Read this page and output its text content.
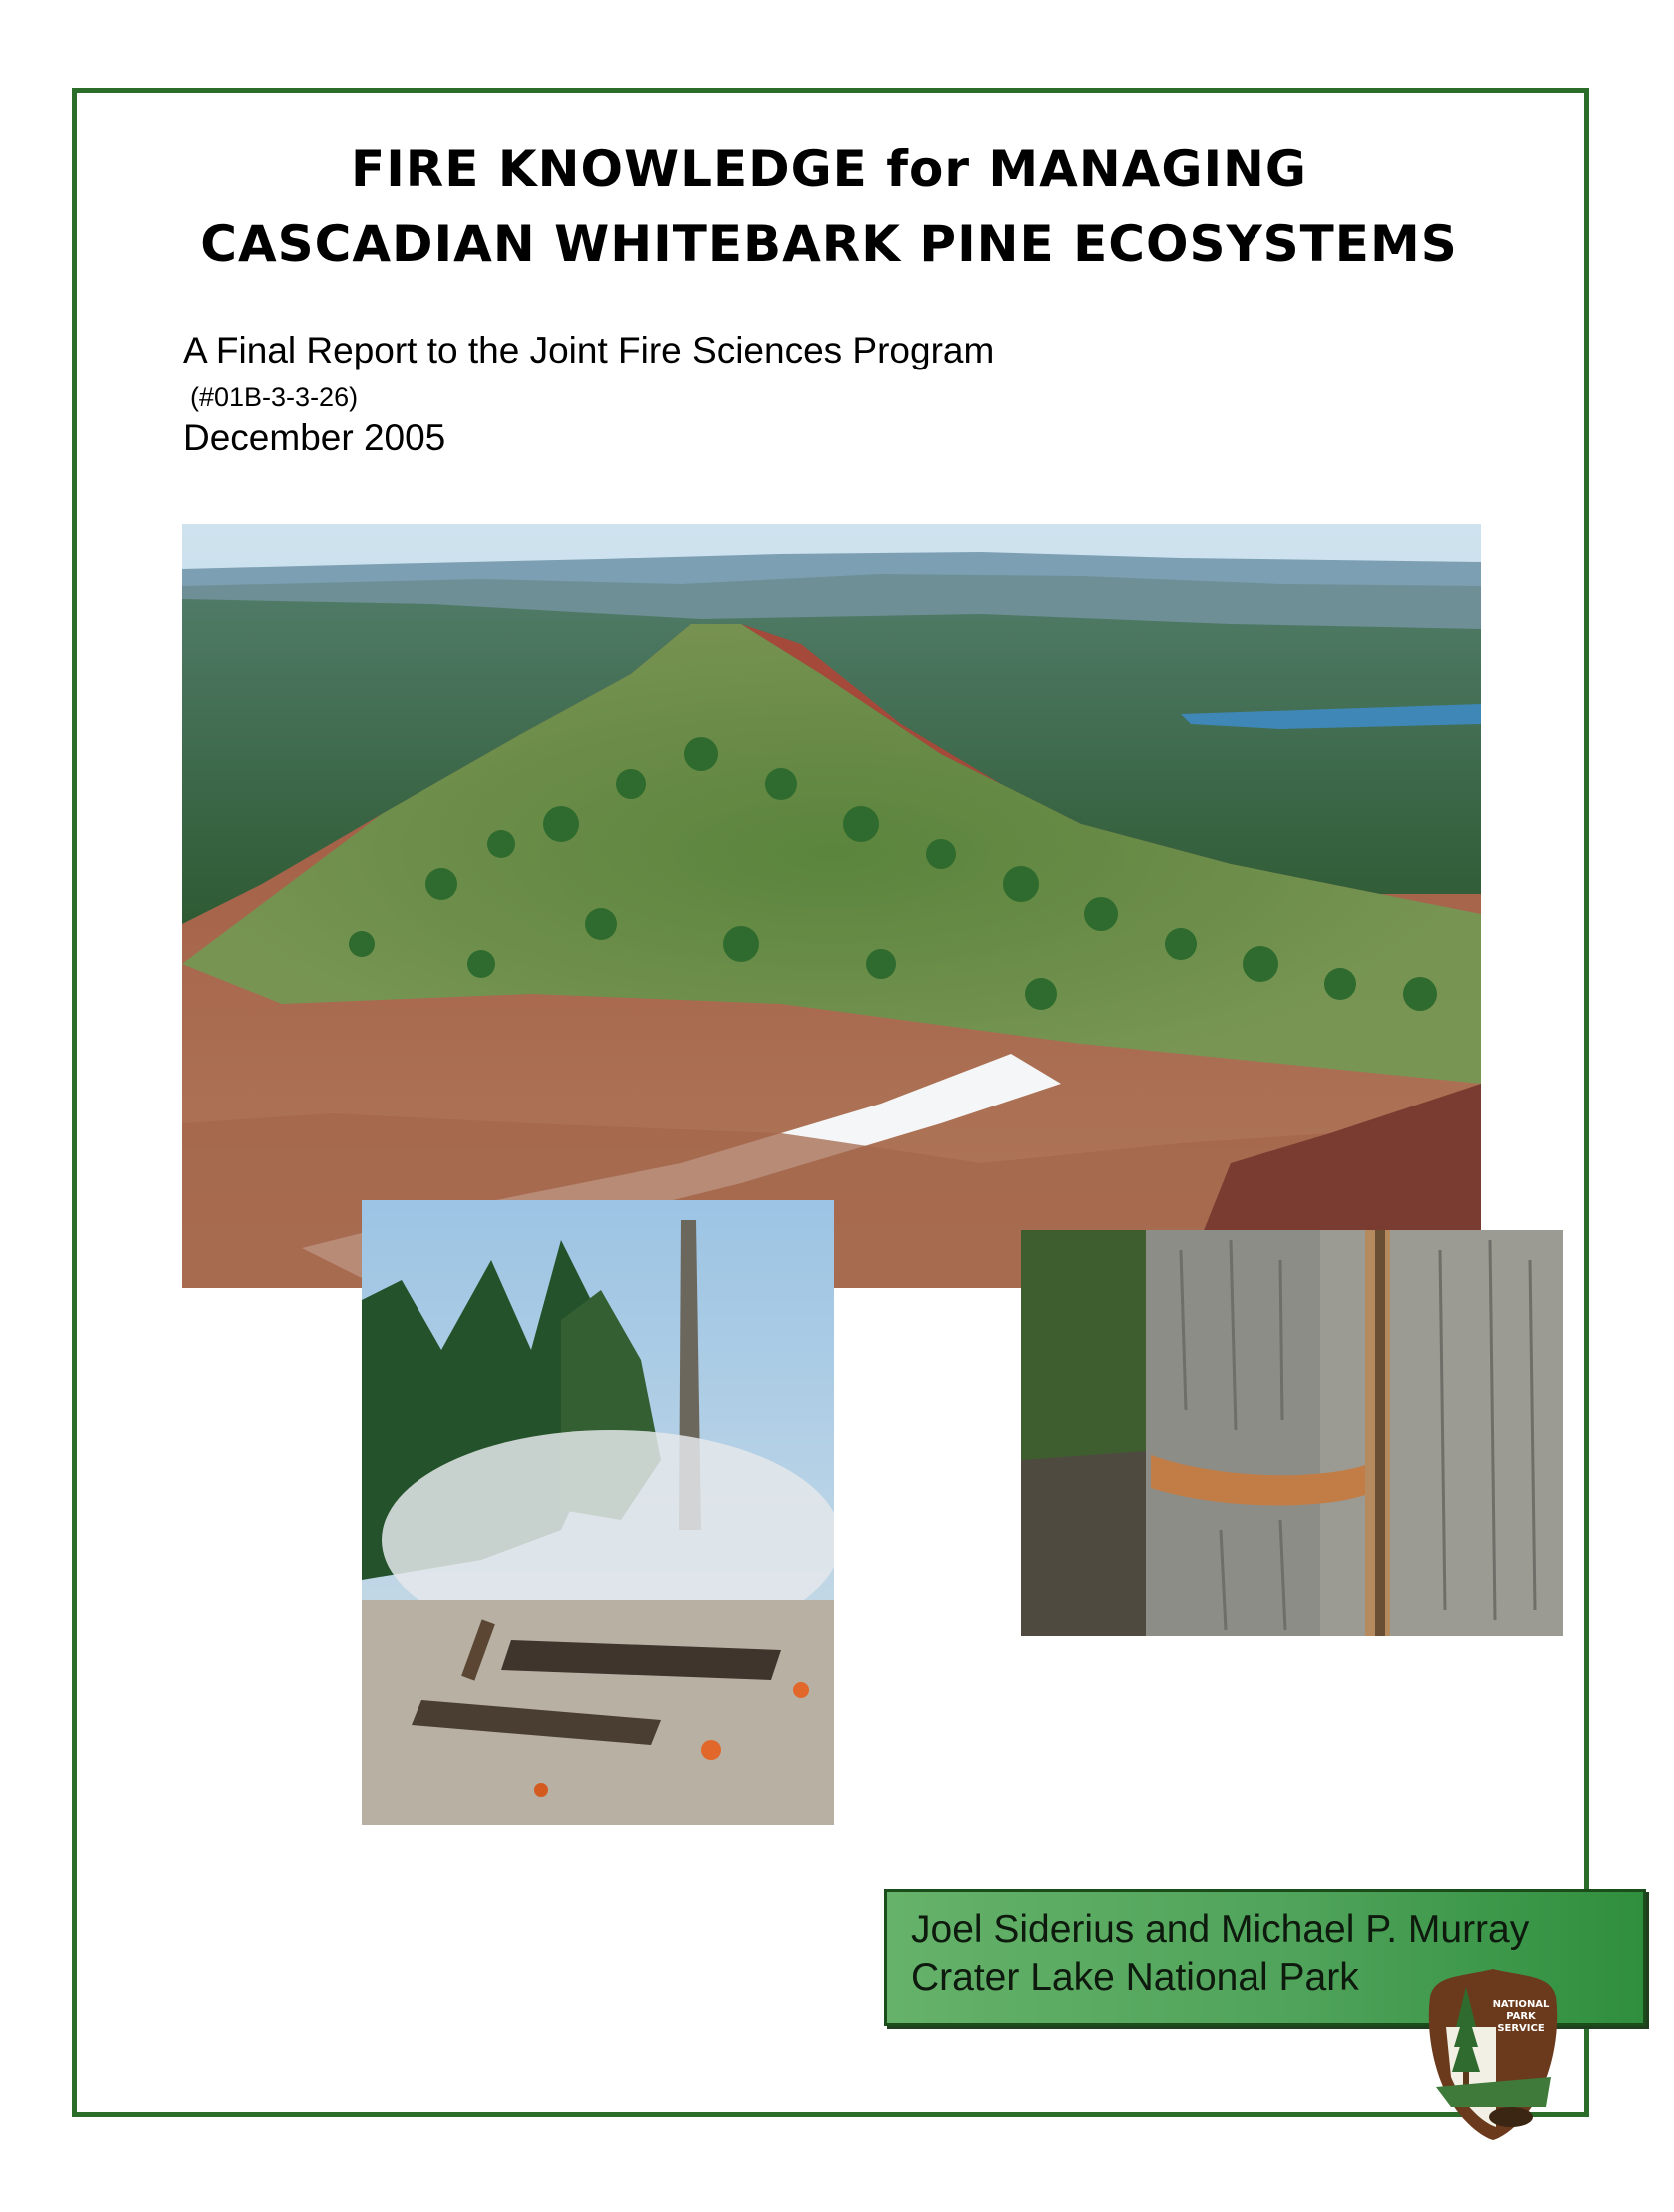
FIRE KNOWLEDGE for MANAGING
CASCADIAN WHITEBARK PINE ECOSYSTEMS
A Final Report to the Joint Fire Sciences Program
(#01B-3-3-26)
December 2005
Joel Siderius and Michael P. Murray
Crater Lake National Park
NATIONAL
PARK
SERVICE
